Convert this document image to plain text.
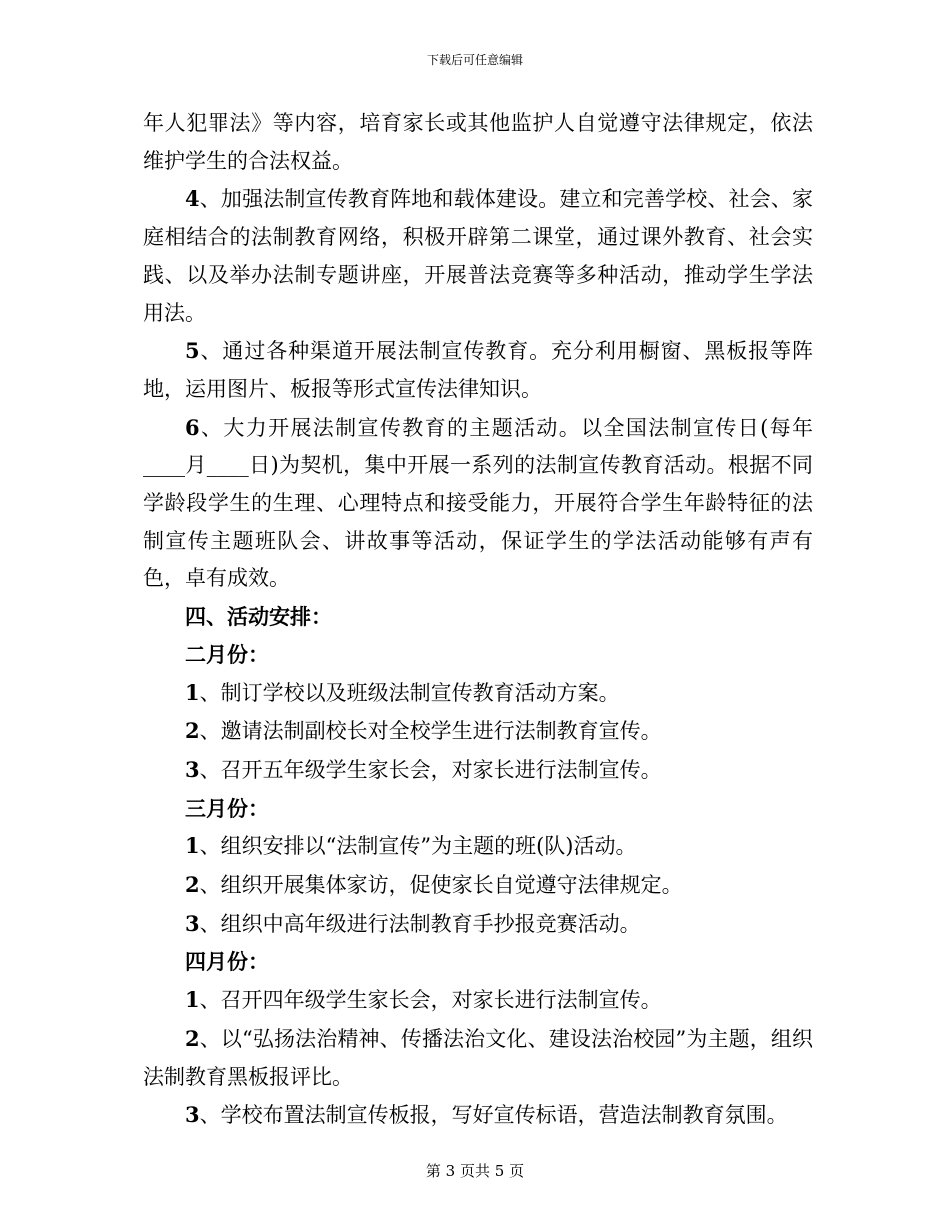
下载后可任意编辑

年人犯罪法》等内容，培育家长或其他监护人自觉遵守法律规定，依法维护学生的合法权益。

4、加强法制宣传教育阵地和载体建设。建立和完善学校、社会、家庭相结合的法制教育网络，积极开辟第二课堂，通过课外教育、社会实践、以及举办法制专题讲座，开展普法竞赛等多种活动，推动学生学法用法。

5、通过各种渠道开展法制宣传教育。充分利用橱窗、黑板报等阵地，运用图片、板报等形式宣传法律知识。

6、大力开展法制宣传教育的主题活动。以全国法制宣传日(每年____月____日)为契机，集中开展一系列的法制宣传教育活动。根据不同学龄段学生的生理、心理特点和接受能力，开展符合学生年龄特征的法制宣传主题班队会、讲故事等活动，保证学生的学法活动能够有声有色，卓有成效。

四、活动安排：

二月份：

1、制订学校以及班级法制宣传教育活动方案。

2、邀请法制副校长对全校学生进行法制教育宣传。

3、召开五年级学生家长会，对家长进行法制宣传。

三月份：

1、组织安排以“法制宣传”为主题的班(队)活动。

2、组织开展集体家访，促使家长自觉遵守法律规定。

3、组织中高年级进行法制教育手抄报竞赛活动。

四月份：

1、召开四年级学生家长会，对家长进行法制宣传。

2、以“弘扬法治精神、传播法治文化、建设法治校园”为主题，组织法制教育黑板报评比。

3、学校布置法制宣传板报，写好宣传标语，营造法制教育氛围。

第 3 页共 5 页
